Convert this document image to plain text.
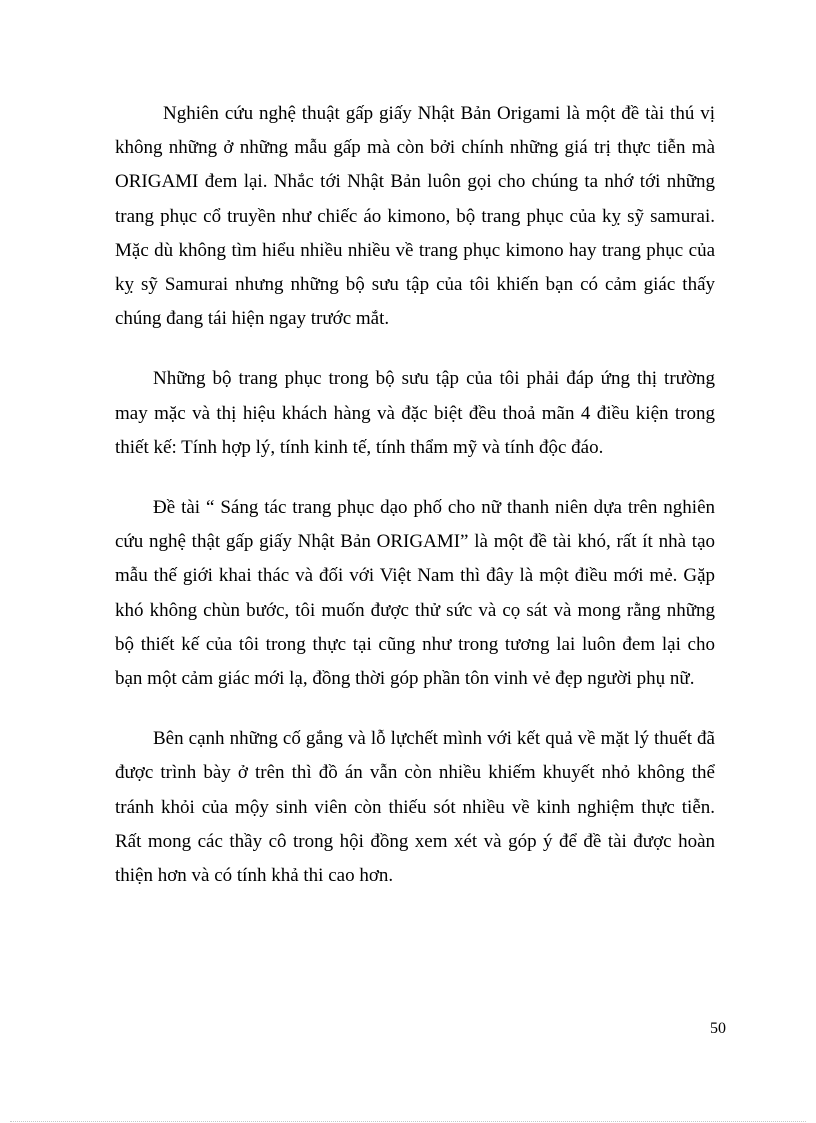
Nghiên cứu nghệ thuật gấp giấy Nhật Bản Origami là một đề tài thú vị không những ở những mẫu gấp mà còn bởi chính những giá trị thực tiễn mà ORIGAMI đem lại. Nhắc tới Nhật Bản luôn gọi cho chúng ta nhớ tới những trang phục cổ truyền như chiếc áo kimono, bộ trang phục của kỵ sỹ samurai. Mặc dù không tìm hiểu nhiều nhiều về trang phục kimono hay trang phục của kỵ sỹ Samurai nhưng những bộ sưu tập của tôi khiến bạn có cảm giác thấy chúng đang tái hiện ngay trước mắt.

Những bộ trang phục trong bộ sưu tập của tôi phải đáp ứng thị trường may mặc và thị hiệu khách hàng và đặc biệt đều thoả mãn 4 điều kiện trong thiết kế: Tính hợp lý, tính kinh tế, tính thẩm mỹ và tính độc đáo.

Đề tài “ Sáng tác trang phục dạo phố cho nữ thanh niên dựa trên nghiên cứu nghệ thật gấp giấy Nhật Bản ORIGAMI” là một đề tài khó, rất ít nhà tạo mẫu thế giới khai thác và đối với Việt Nam thì đây là một điều mới mẻ. Gặp khó không chùn bước, tôi muốn được thử sức và cọ sát và mong rằng những bộ thiết kế của tôi trong thực tại cũng như trong tương lai luôn đem lại cho bạn một cảm giác mới lạ, đồng thời góp phần tôn vinh vẻ đẹp người phụ nữ.

Bên cạnh những cố gắng và lỗ lựchết mình với kết quả về mặt lý thuết đã được trình bày ở trên thì đồ án vẫn còn nhiều khiếm khuyết nhỏ không thể tránh khỏi của mộy sinh viên còn thiếu sót nhiều về kinh nghiệm thực tiễn. Rất mong các thầy cô trong hội đồng xem xét và góp ý để đề tài được hoàn thiện hơn và có tính khả thi cao hơn.

50
